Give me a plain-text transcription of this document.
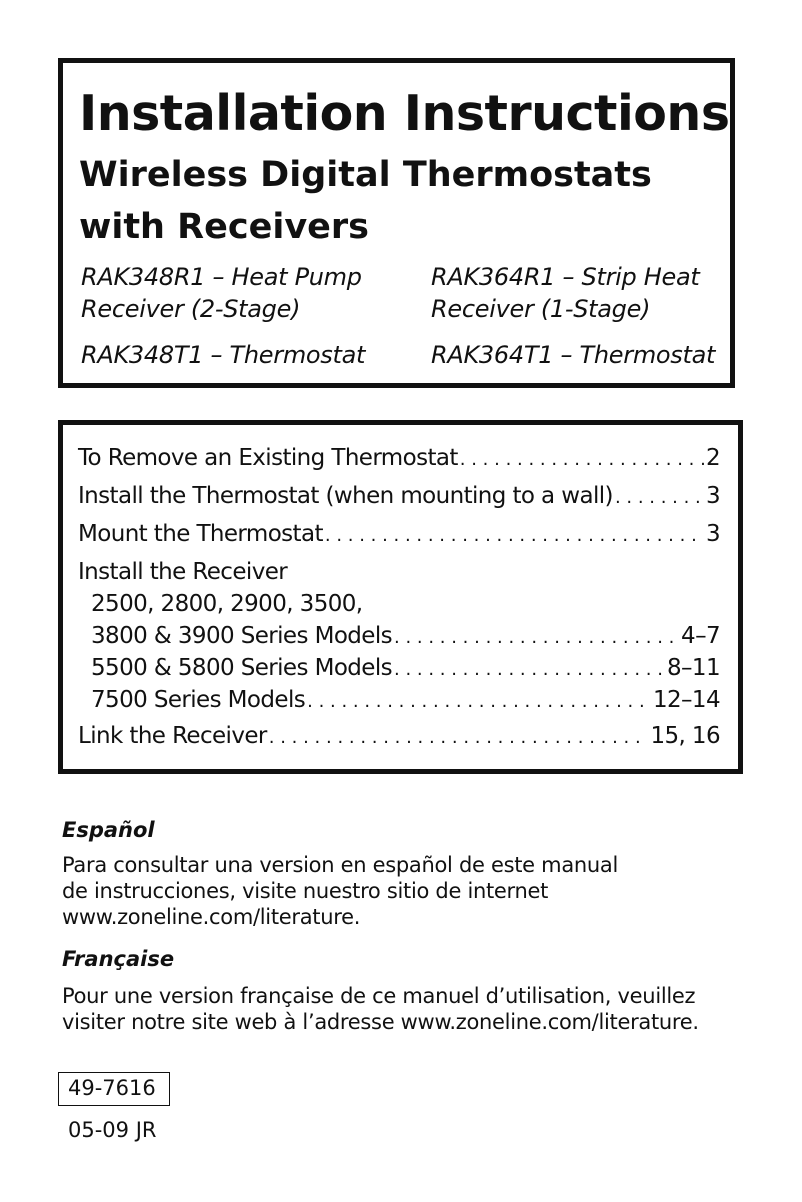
Installation Instructions
Wireless Digital Thermostats
with Receivers
RAK348R1 – Heat Pump
Receiver (2-Stage)
RAK364R1 – Strip Heat
Receiver (1-Stage)
RAK348T1 – Thermostat	RAK364T1 – Thermostat
To Remove an Existing Thermostat . . .	2
Install the Thermostat (when mounting to a wall) . . .	3
Mount the Thermostat . . .	3
Install the Receiver
2500, 2800, 2900, 3500,
3800 & 3900 Series Models . . .	4–7
5500 & 5800 Series Models . . .	8–11
7500 Series Models . . .	12–14
Link the Receiver . . .	15, 16
Español
Para consultar una version en español de este manual
de instrucciones, visite nuestro sitio de internet
www.zoneline.com/literature.
Française
Pour une version française de ce manuel d’utilisation, veuillez
visiter notre site web à l’adresse www.zoneline.com/literature.
49-7616
05-09 JR
